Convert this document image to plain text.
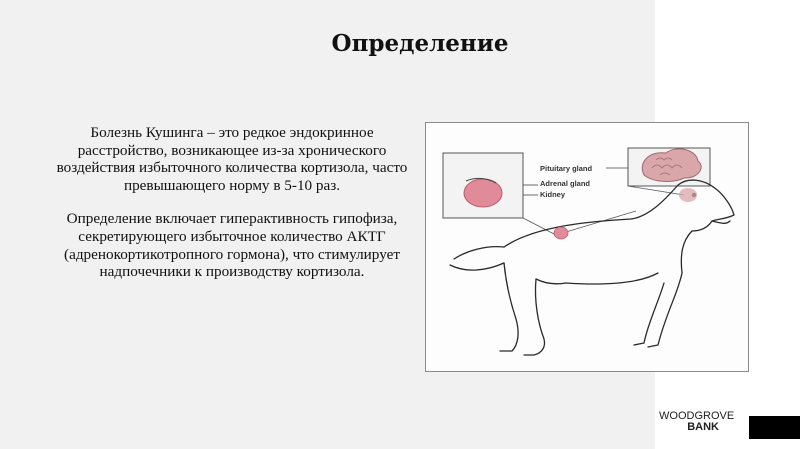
Определение

Болезнь Кушинга – это редкое эндокринное расстройство, возникающее из-за хронического воздействия избыточного количества кортизола, часто превышающего норму в 5-10 раз.

Определение включает гиперактивность гипофиза, секретирующего избыточное количество АКТГ (адренокортикотропного гормона), что стимулирует надпочечники к производству кортизола.

Pituitary gland
Adrenal gland
Kidney
WOODGROVE
BANK
